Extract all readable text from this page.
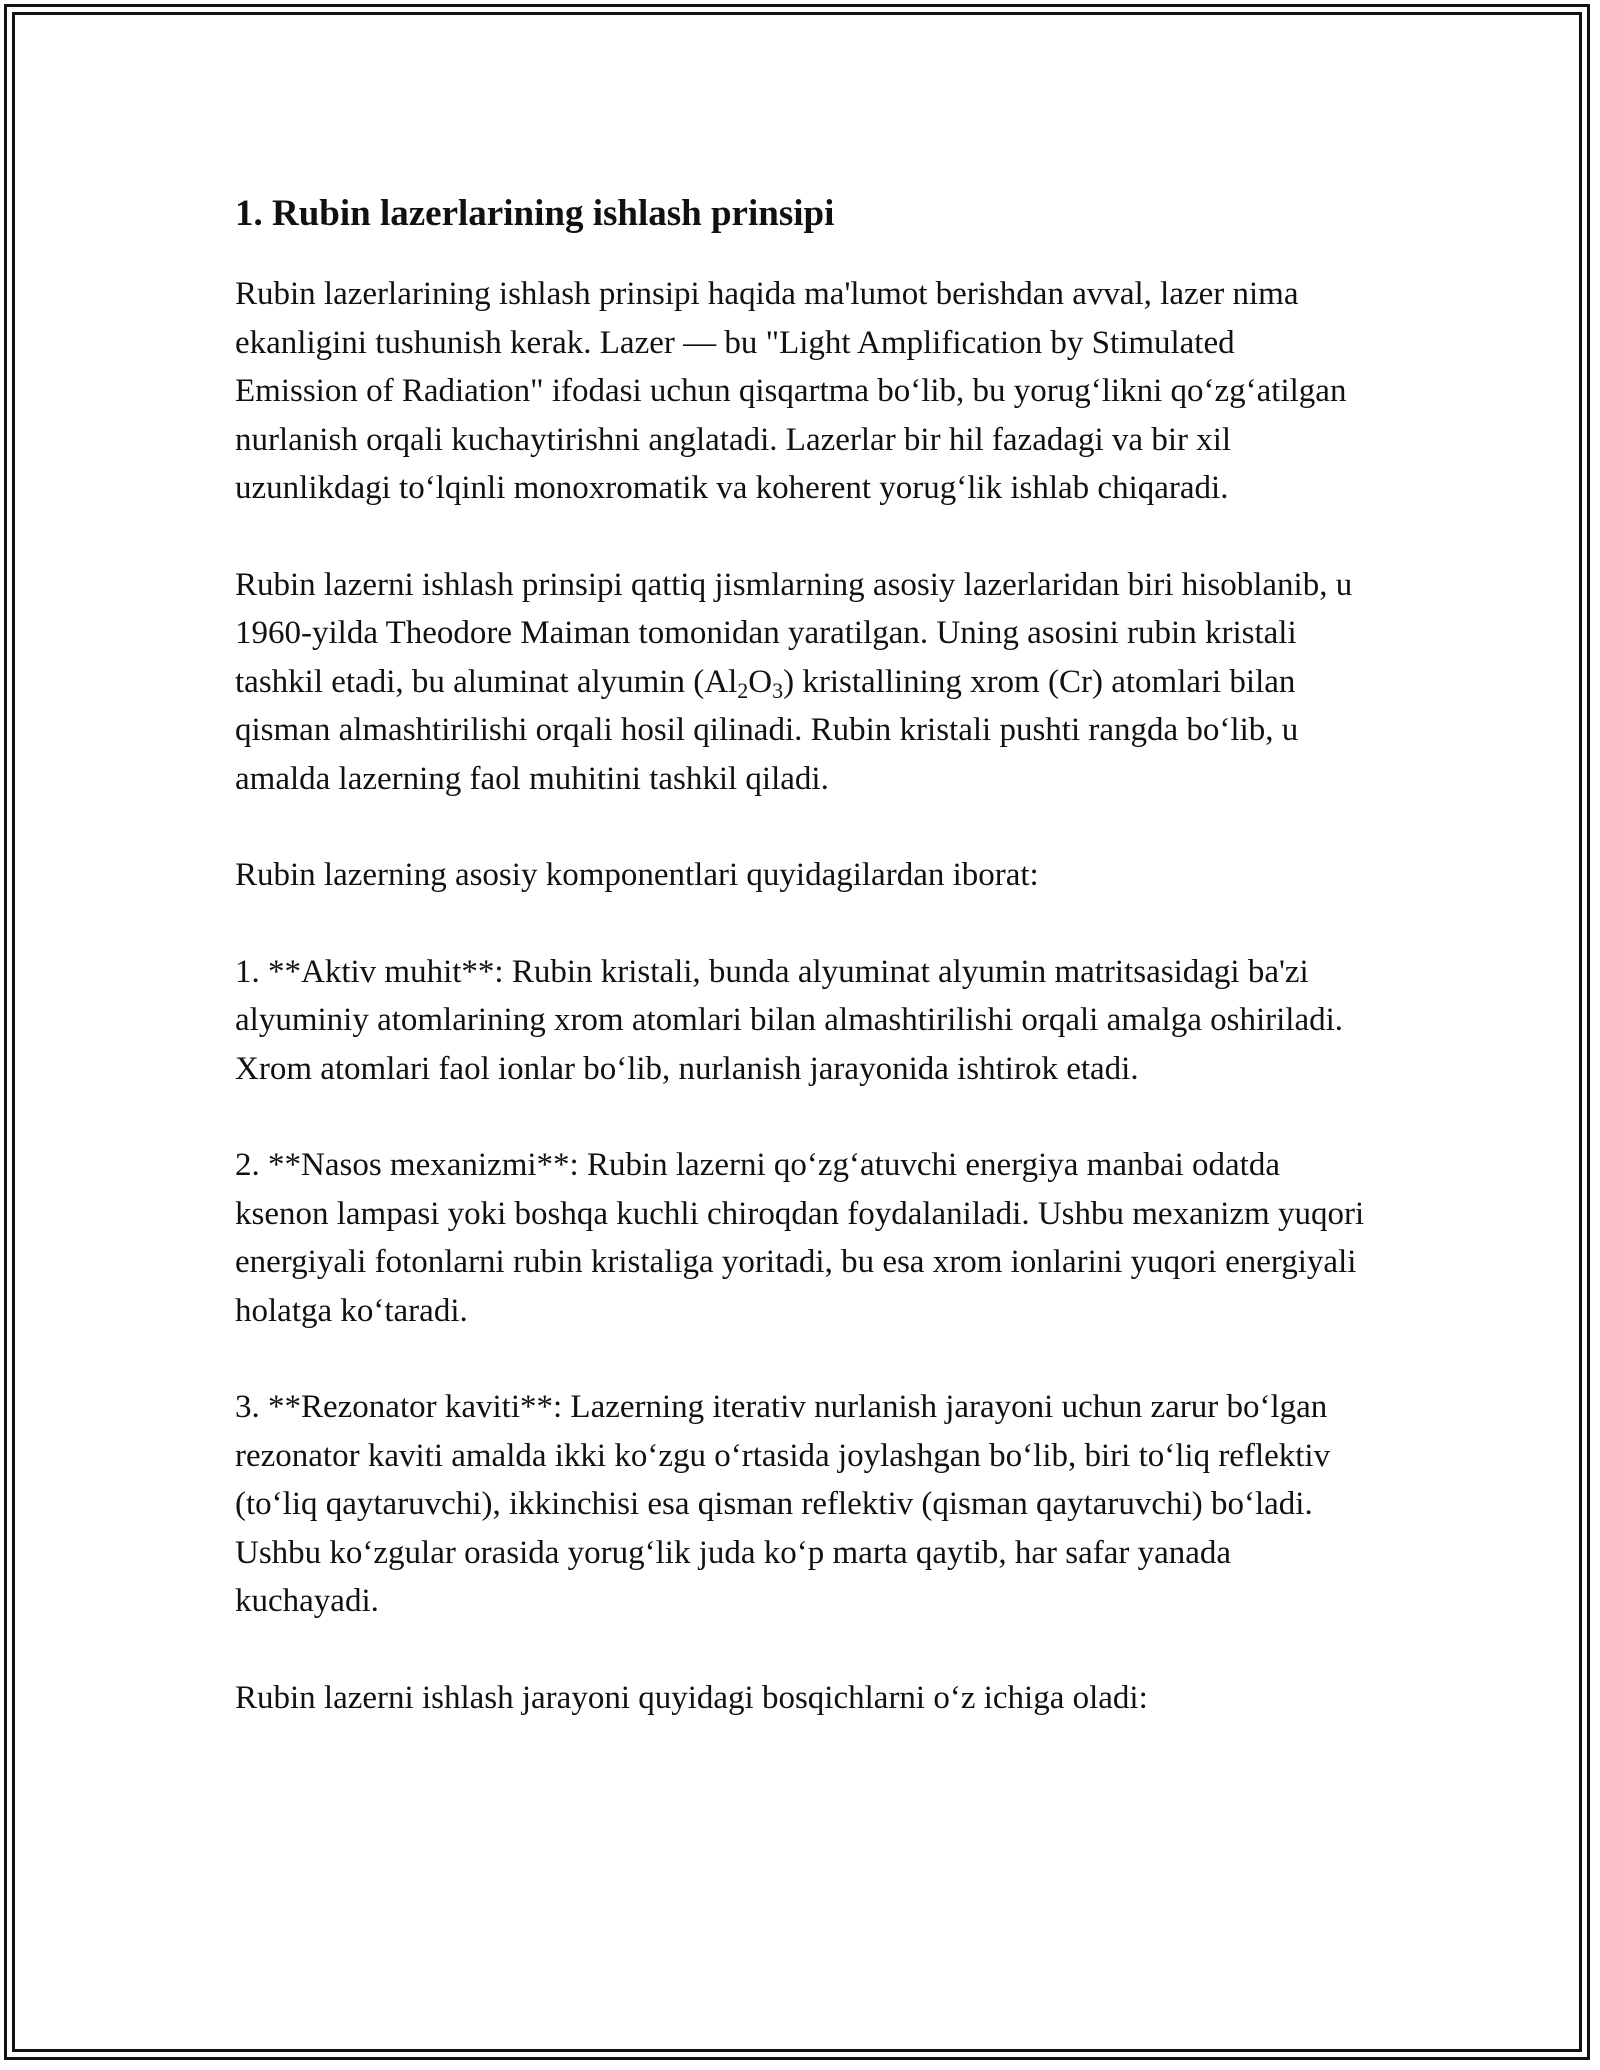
1. Rubin lazerlarining ishlash prinsipi

Rubin lazerlarining ishlash prinsipi haqida ma'lumot berishdan avval, lazer nima ekanligini tushunish kerak. Lazer — bu "Light Amplification by Stimulated Emission of Radiation" ifodasi uchun qisqartma bo‘lib, bu yorug‘likni qo‘zg‘atilgan nurlanish orqali kuchaytirishni anglatadi. Lazerlar bir hil fazadagi va bir xil uzunlikdagi to‘lqinli monoxromatik va koherent yorug‘lik ishlab chiqaradi.

Rubin lazerni ishlash prinsipi qattiq jismlarning asosiy lazerlaridan biri hisoblanib, u 1960-yilda Theodore Maiman tomonidan yaratilgan. Uning asosini rubin kristali tashkil etadi, bu aluminat alyumin $(Al_2O_3)$ kristallining xrom (Cr) atomlari bilan qisman almashtirilishi orqali hosil qilinadi. Rubin kristali pushti rangda bo‘lib, u amalda lazerning faol muhitini tashkil qiladi.

Rubin lazerning asosiy komponentlari quyidagilardan iborat:

1. **Aktiv muhit**: Rubin kristali, bunda alyuminat alyumin matritsasidagi ba'zi alyuminiy atomlarining xrom atomlari bilan almashtirilishi orqali amalga oshiriladi. Xrom atomlari faol ionlar bo‘lib, nurlanish jarayonida ishtirok etadi.

2. **Nasos mexanizmi**: Rubin lazerni qo‘zg‘atuvchi energiya manbai odatda ksenon lampasi yoki boshqa kuchli chiroqdan foydalaniladi. Ushbu mexanizm yuqori energiyali fotonlarni rubin kristaliga yoritadi, bu esa xrom ionlarini yuqori energiyali holatga ko‘taradi.

3. **Rezonator kaviti**: Lazerning iterativ nurlanish jarayoni uchun zarur bo‘lgan rezonator kaviti amalda ikki ko‘zgu o‘rtasida joylashgan bo‘lib, biri to‘liq reflektiv (to‘liq qaytaruvchi), ikkinchisi esa qisman reflektiv (qisman qaytaruvchi) bo‘ladi. Ushbu ko‘zgular orasida yorug‘lik juda ko‘p marta qaytib, har safar yanada kuchayadi.

Rubin lazerni ishlash jarayoni quyidagi bosqichlarni o‘z ichiga oladi:
